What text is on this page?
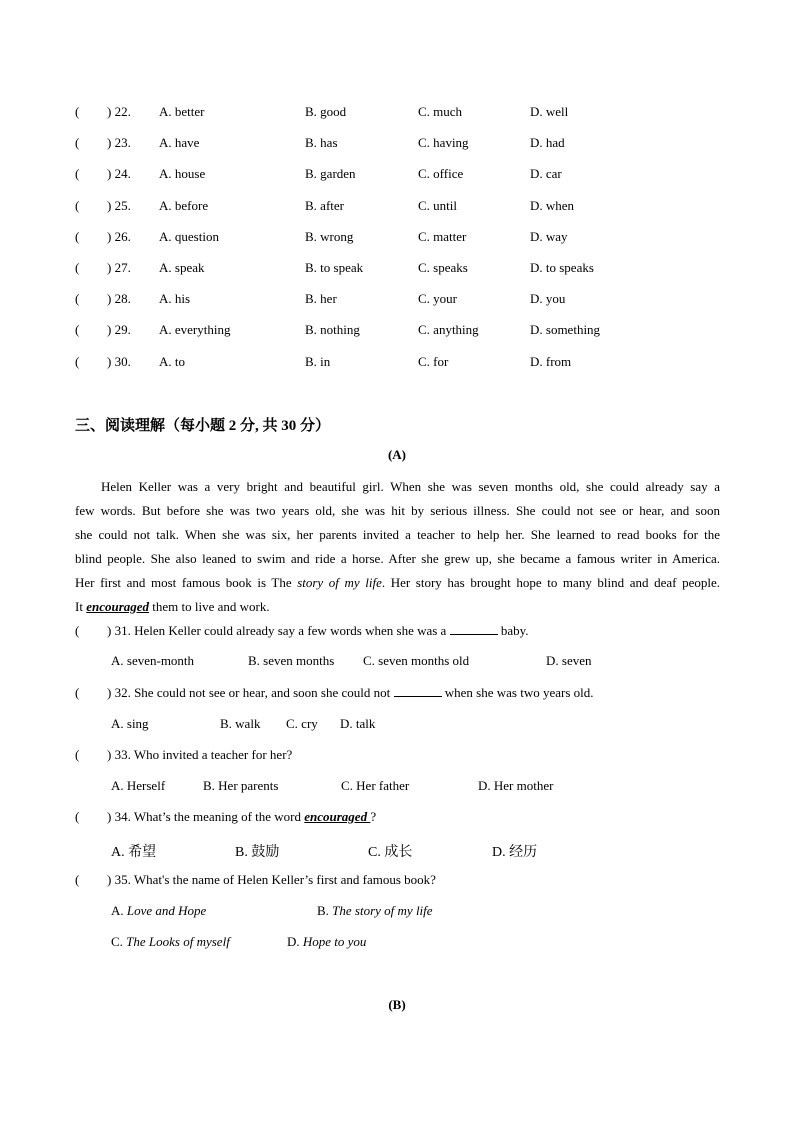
( ) 22. A. better	B. good	C. much	D. well
( ) 23. A. have	B. has	C. having	D. had
( ) 24. A. house	B. garden	C. office	D. car
( ) 25. A. before	B. after	C. until	D. when
( ) 26. A. question	B. wrong	C. matter	D. way
( ) 27. A. speak	B. to speak	C. speaks	D. to speaks
( ) 28. A. his	B. her	C. your	D. you
( ) 29. A. everything	B. nothing	C. anything	D. something
( ) 30. A. to	B. in	C. for	D. from
三、阅读理解（每小题 2 分, 共 30 分）
(A)
Helen Keller was a very bright and beautiful girl. When she was seven months old, she could already say a
few words. But before she was two years old, she was hit by serious illness. She could not see or hear, and soon
she could not talk. When she was six, her parents invited a teacher to help her. She learned to read books for the
blind people. She also leaned to swim and ride a horse. After she grew up, she became a famous writer in America.
Her first and most famous book is The story of my life. Her story has brought hope to many blind and deaf people.
It encouraged them to live and work.
( ) 31. Helen Keller could already say a few words when she was a	baby.
A. seven-month	B. seven months C. seven months old	D. seven
( ) 32. She could not see or hear, and soon she could not	when she was two years old.
A. sing	B. walk C. cry D. talk
( ) 33. Who invited a teacher for her?
A. Herself	B. Her parents	C. Her father	D. Her mother
( ) 34. What’s the meaning of the word encouraged ?
A. 希望	B. 鼓励	C. 成长	D. 经历
( ) 35. What's the name of Helen Keller’s first and famous book?
A. Love and Hope	B. The story of my life
C. The Looks of myself	D. Hope to you
(B)
